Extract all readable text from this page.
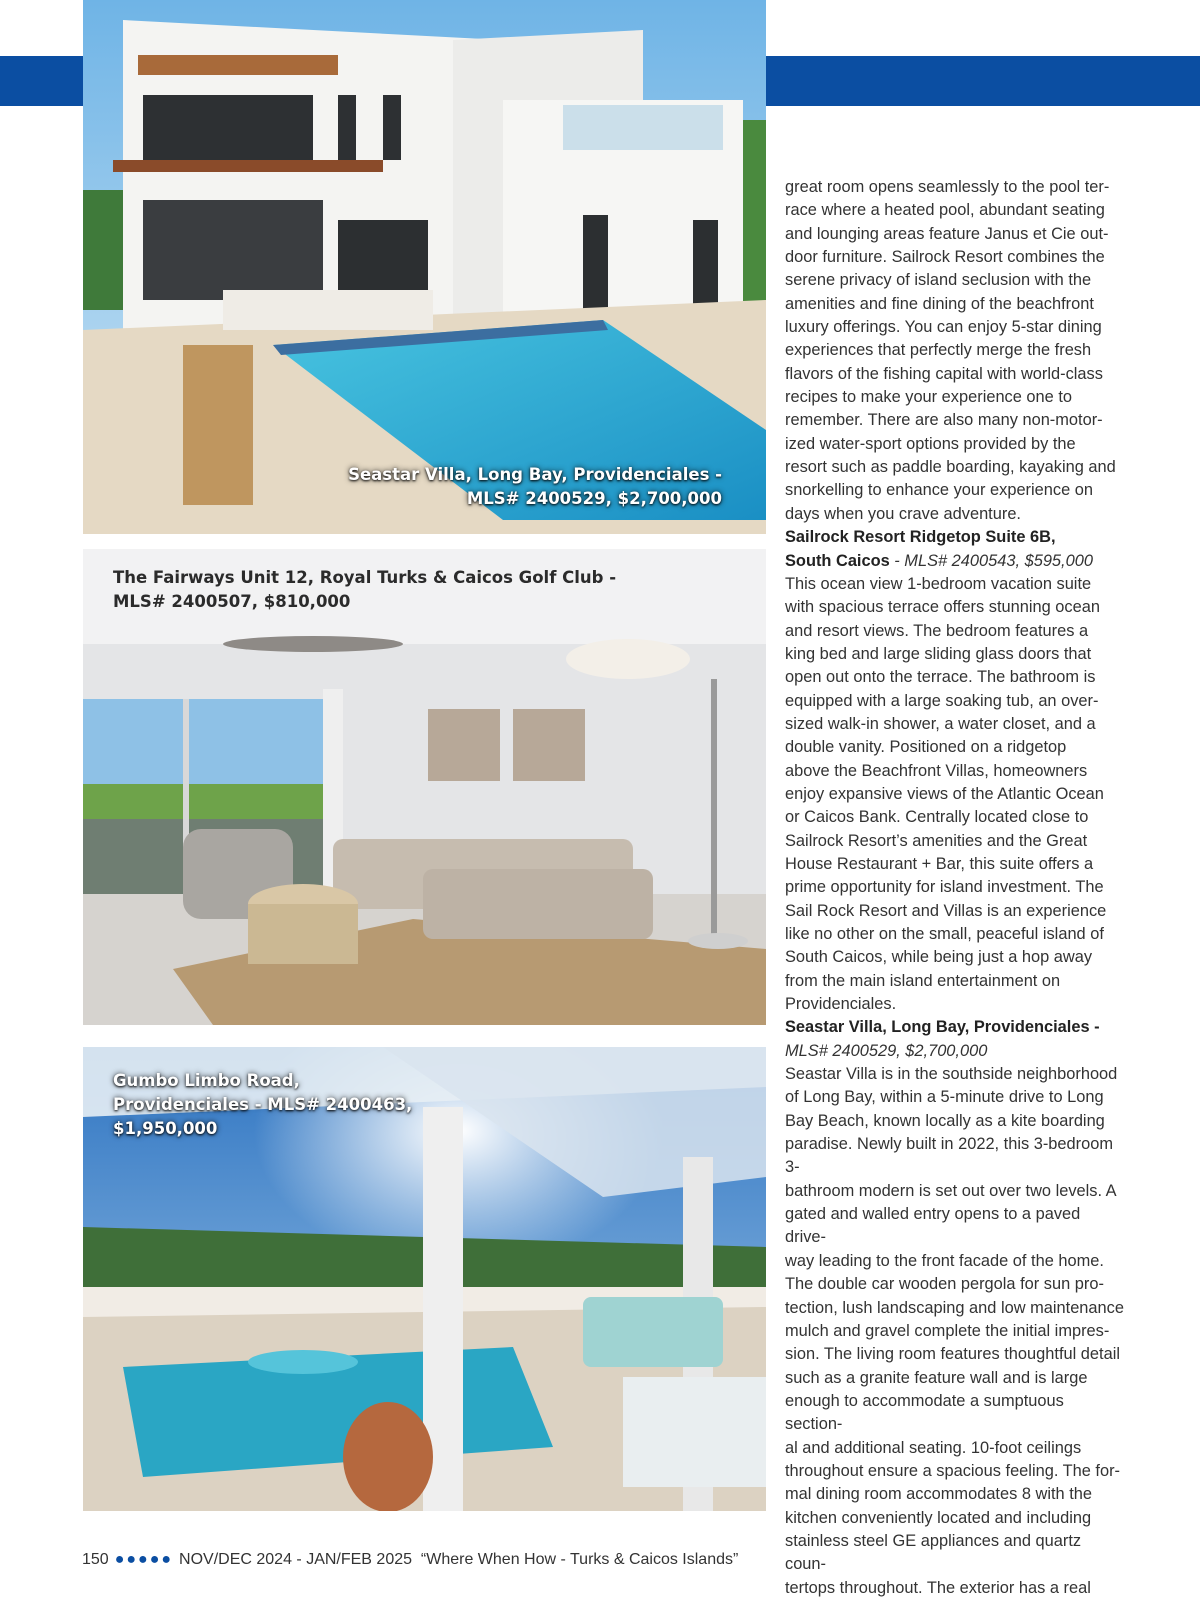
Seastar Villa, Long Bay, Providenciales -
MLS# 2400529, $2,700,000
The Fairways Unit 12, Royal Turks & Caicos Golf Club -
MLS# 2400507, $810,000
Gumbo Limbo Road,
Providenciales - MLS# 2400463,
$1,950,000

great room opens seamlessly to the pool ter-

race where a heated pool, abundant seating

and lounging areas feature Janus et Cie out-

door furniture. Sailrock Resort combines the

serene privacy of island seclusion with the

amenities and fine dining of the beachfront

luxury offerings. You can enjoy 5-star dining

experiences that perfectly merge the fresh

flavors of the fishing capital with world-class

recipes to make your experience one to

remember. There are also many non-motor-

ized water-sport options provided by the

resort such as paddle boarding, kayaking and

snorkelling to enhance your experience on

days when you crave adventure.

Sailrock Resort Ridgetop Suite 6B,

South Caicos - MLS# 2400543, $595,000

This ocean view 1-bedroom vacation suite

with spacious terrace offers stunning ocean

and resort views. The bedroom features a

king bed and large sliding glass doors that

open out onto the terrace. The bathroom is

equipped with a large soaking tub, an over-

sized walk-in shower, a water closet, and a

double vanity. Positioned on a ridgetop

above the Beachfront Villas, homeowners

enjoy expansive views of the Atlantic Ocean

or Caicos Bank. Centrally located close to

Sailrock Resort’s amenities and the Great

House Restaurant + Bar, this suite offers a

prime opportunity for island investment. The

Sail Rock Resort and Villas is an experience

like no other on the small, peaceful island of

South Caicos, while being just a hop away

from the main island entertainment on

Providenciales.

Seastar Villa, Long Bay, Providenciales -

MLS# 2400529, $2,700,000

Seastar Villa is in the southside neighborhood

of Long Bay, within a 5-minute drive to Long

Bay Beach, known locally as a kite boarding

paradise. Newly built in 2022, this 3-bedroom 3-

bathroom modern is set out over two levels. A

gated and walled entry opens to a paved drive-

way leading to the front facade of the home.

The double car wooden pergola for sun pro-

tection, lush landscaping and low maintenance

mulch and gravel complete the initial impres-

sion. The living room features thoughtful detail

such as a granite feature wall and is large

enough to accommodate a sumptuous section-

al and additional seating. 10-foot ceilings

throughout ensure a spacious feeling. The for-

mal dining room accommodates 8 with the

kitchen conveniently located and including

stainless steel GE appliances and quartz coun-

tertops throughout. The exterior has a real

150 ●●●●● NOV/DEC 2024 - JAN/FEB 2025 “Where When How - Turks & Caicos Islands”
